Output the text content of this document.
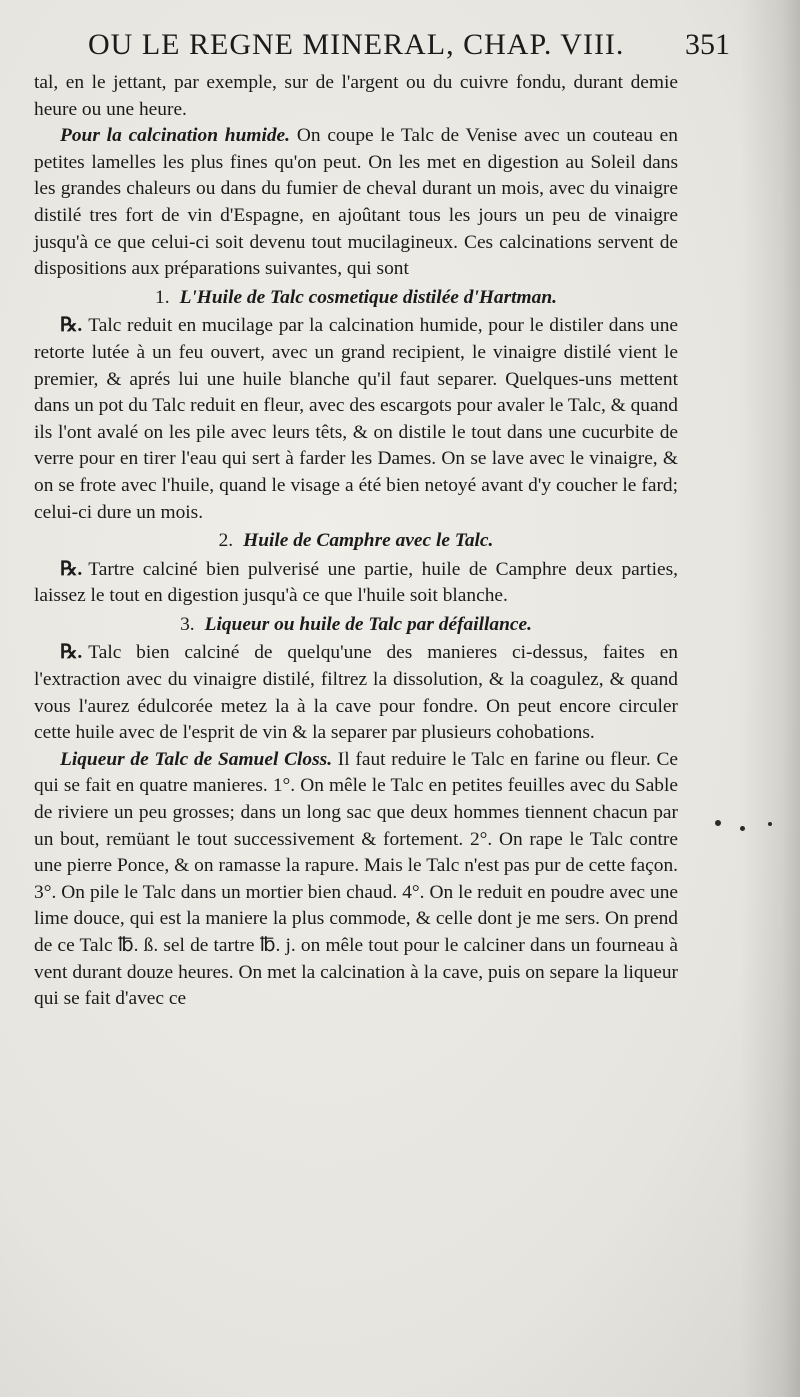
OU LE REGNE MINERAL, CHAP. VIII. 351

tal, en le jettant, par exemple, sur de l'argent ou du cuivre fondu, durant demie heure ou une heure.

Pour la calcination humide. On coupe le Talc de Venise avec un couteau en petites lamelles les plus fines qu'on peut. On les met en digestion au Soleil dans les grandes chaleurs ou dans du fumier de cheval durant un mois, avec du vinaigre distilé tres fort de vin d'Espagne, en ajoûtant tous les jours un peu de vinaigre jusqu'à ce que celui-ci soit devenu tout mucilagineux. Ces calcinations servent de dispositions aux préparations suivantes, qui sont

1. L'Huile de Talc cosmetique distilée d'Hartman.

℞. Talc reduit en mucilage par la calcination humide, pour le distiler dans une retorte lutée à un feu ouvert, avec un grand recipient, le vinaigre distilé vient le premier, & aprés lui une huile blanche qu'il faut separer. Quelques-uns mettent dans un pot du Talc reduit en fleur, avec des escargots pour avaler le Talc, & quand ils l'ont avalé on les pile avec leurs têts, & on distile le tout dans une cucurbite de verre pour en tirer l'eau qui sert à farder les Dames. On se lave avec le vinaigre, & on se frote avec l'huile, quand le visage a été bien netoyé avant d'y coucher le fard; celui-ci dure un mois.

2. Huile de Camphre avec le Talc.

℞. Tartre calciné bien pulverisé une partie, huile de Camphre deux parties, laissez le tout en digestion jusqu'à ce que l'huile soit blanche.

3. Liqueur ou huile de Talc par défaillance.

℞. Talc bien calciné de quelqu'une des manieres ci-dessus, faites en l'extraction avec du vinaigre distilé, filtrez la dissolution, & la coagulez, & quand vous l'aurez édulcorée metez la à la cave pour fondre. On peut encore circuler cette huile avec de l'esprit de vin & la separer par plusieurs cohobations.

Liqueur de Talc de Samuel Closs. Il faut reduire le Talc en farine ou fleur. Ce qui se fait en quatre manieres. 1°. On mêle le Talc en petites feuilles avec du Sable de riviere un peu grosses; dans un long sac que deux hommes tiennent chacun par un bout, remüant le tout successivement & fortement. 2°. On rape le Talc contre une pierre Ponce, & on ramasse la rapure. Mais le Talc n'est pas pur de cette façon. 3°. On pile le Talc dans un mortier bien chaud. 4°. On le reduit en poudre avec une lime douce, qui est la maniere la plus commode, & celle dont je me sers. On prend de ce Talc ℔. ß. sel de tartre ℔. j. on mêle tout pour le calciner dans un fourneau à vent durant douze heures. On met la calcination à la cave, puis on separe la liqueur qui se fait d'avec ce
